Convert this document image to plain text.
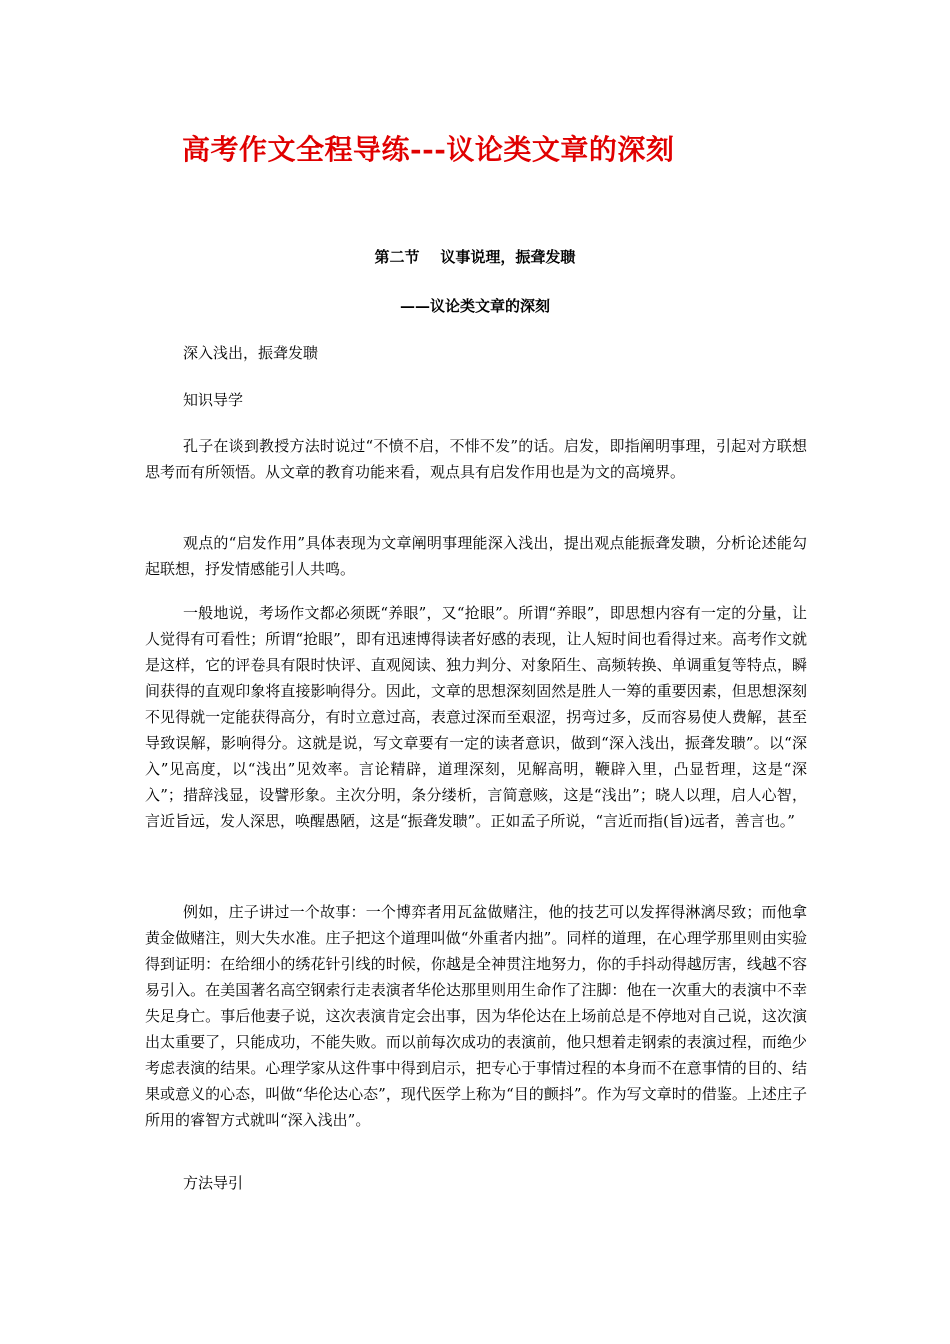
高考作文全程导练---议论类文章的深刻

第二节    议事说理，振聋发聩

——议论类文章的深刻

深入浅出，振聋发聩

知识导学

孔子在谈到教授方法时说过“不愤不启，不悱不发”的话。启发，即指阐明事理，引起对方联想思考而有所领悟。从文章的教育功能来看，观点具有启发作用也是为文的高境界。

观点的“启发作用”具体表现为文章阐明事理能深入浅出，提出观点能振聋发聩，分析论述能勾起联想，抒发情感能引人共鸣。

一般地说，考场作文都必须既“养眼”，又“抢眼”。所谓“养眼”，即思想内容有一定的分量，让人觉得有可看性；所谓“抢眼”，即有迅速博得读者好感的表现，让人短时间也看得过来。高考作文就是这样，它的评卷具有限时快评、直观阅读、独力判分、对象陌生、高频转换、单调重复等特点，瞬间获得的直观印象将直接影响得分。因此，文章的思想深刻固然是胜人一筹的重要因素，但思想深刻不见得就一定能获得高分，有时立意过高，表意过深而至艰涩，拐弯过多，反而容易使人费解，甚至导致误解，影响得分。这就是说，写文章要有一定的读者意识，做到“深入浅出，振聋发聩”。以“深入”见高度，以“浅出”见效率。言论精辟，道理深刻，见解高明，鞭辟入里，凸显哲理，这是“深入”；措辞浅显，设譬形象。主次分明，条分缕析，言简意赅，这是“浅出”；晓人以理，启人心智，言近旨远，发人深思，唤醒愚陋，这是“振聋发聩”。正如孟子所说，“言近而指(旨)远者，善言也。”

例如，庄子讲过一个故事：一个博弈者用瓦盆做赌注，他的技艺可以发挥得淋漓尽致；而他拿黄金做赌注，则大失水准。庄子把这个道理叫做“外重者内拙”。同样的道理，在心理学那里则由实验得到证明：在给细小的绣花针引线的时候，你越是全神贯注地努力，你的手抖动得越厉害，线越不容易引入。在美国著名高空钢索行走表演者华伦达那里则用生命作了注脚：他在一次重大的表演中不幸失足身亡。事后他妻子说，这次表演肯定会出事，因为华伦达在上场前总是不停地对自己说，这次演出太重要了，只能成功，不能失败。而以前每次成功的表演前，他只想着走钢索的表演过程，而绝少考虑表演的结果。心理学家从这件事中得到启示，把专心于事情过程的本身而不在意事情的目的、结果或意义的心态，叫做“华伦达心态”，现代医学上称为“目的颤抖”。作为写文章时的借鉴。上述庄子所用的睿智方式就叫“深入浅出”。

方法导引
